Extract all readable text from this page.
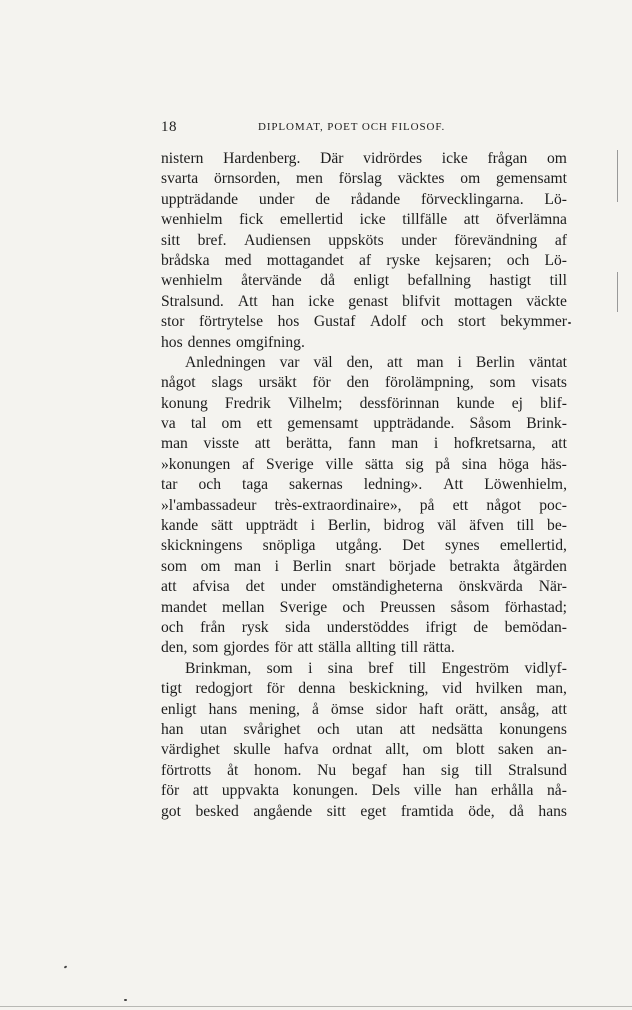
18	DIPLOMAT, POET OCH FILOSOF.
nistern Hardenberg. Där vidrördes icke frågan om
svarta örnsorden, men förslag väcktes om gemensamt
uppträdande under de rådande förvecklingarna. Lö-
wenhielm fick emellertid icke tillfälle att öfverlämna
sitt bref. Audiensen uppsköts under förevändning af
brådska med mottagandet af ryske kejsaren; och Lö-
wenhielm återvände då enligt befallning hastigt till
Stralsund. Att han icke genast blifvit mottagen väckte
stor förtrytelse hos Gustaf Adolf och stort bekymmer
hos dennes omgifning.
Anledningen var väl den, att man i Berlin väntat
något slags ursäkt för den förolämpning, som visats
konung Fredrik Vilhelm; dessförinnan kunde ej blif-
va tal om ett gemensamt uppträdande. Såsom Brink-
man visste att berätta, fann man i hofkretsarna, att
»konungen af Sverige ville sätta sig på sina höga häs-
tar och taga sakernas ledning». Att Löwenhielm,
»l'ambassadeur très-extraordinaire», på ett något poc-
kande sätt uppträdt i Berlin, bidrog väl äfven till be-
skickningens snöpliga utgång. Det synes emellertid,
som om man i Berlin snart började betrakta åtgärden
att afvisa det under omständigheterna önskvärda När-
mandet mellan Sverige och Preussen såsom förhastad;
och från rysk sida understöddes ifrigt de bemödan-
den, som gjordes för att ställa allting till rätta.
Brinkman, som i sina bref till Engeström vidlyf-
tigt redogjort för denna beskickning, vid hvilken man,
enligt hans mening, å ömse sidor haft orätt, ansåg, att
han utan svårighet och utan att nedsätta konungens
värdighet skulle hafva ordnat allt, om blott saken an-
förtrotts åt honom. Nu begaf han sig till Stralsund
för att uppvakta konungen. Dels ville han erhålla nå-
got besked angående sitt eget framtida öde, då hans
